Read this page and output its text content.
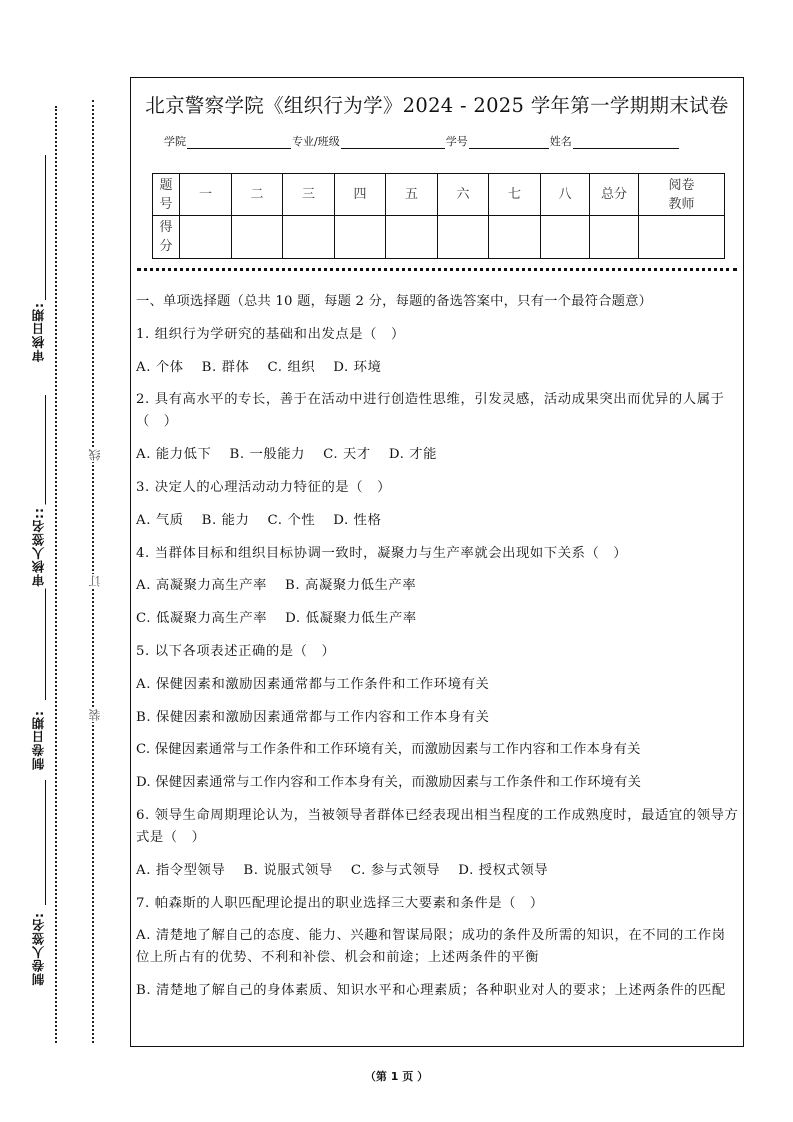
审核日期:
审核人签名::
制卷日期:
制卷人签名:
线
订
装
北京警察学院《组织行为学》2024 - 2025 学年第一学期期末试卷
学院	专业/班级	学号	姓名
题号	一	二	三	四	五	六	七	八	总分	阅卷教师
得分										

一、单项选择题（总共 10 题，每题 2 分，每题的备选答案中，只有一个最符合题意）

1. 组织行为学研究的基础和出发点是（　）

A. 个体 B. 群体 C. 组织 D. 环境

2. 具有高水平的专长，善于在活动中进行创造性思维，引发灵感，活动成果突出而优异的人属于（　）

A. 能力低下 B. 一般能力 C. 天才 D. 才能

3. 决定人的心理活动动力特征的是（　）

A. 气质 B. 能力 C. 个性 D. 性格

4. 当群体目标和组织目标协调一致时，凝聚力与生产率就会出现如下关系（　）

A. 高凝聚力高生产率 B. 高凝聚力低生产率

C. 低凝聚力高生产率 D. 低凝聚力低生产率

5. 以下各项表述正确的是（　）

A. 保健因素和激励因素通常都与工作条件和工作环境有关

B. 保健因素和激励因素通常都与工作内容和工作本身有关

C. 保健因素通常与工作条件和工作环境有关，而激励因素与工作内容和工作本身有关

D. 保健因素通常与工作内容和工作本身有关，而激励因素与工作条件和工作环境有关

6. 领导生命周期理论认为，当被领导者群体已经表现出相当程度的工作成熟度时，最适宜的领导方式是（　）

A. 指令型领导 B. 说服式领导 C. 参与式领导 D. 授权式领导

7. 帕森斯的人职匹配理论提出的职业选择三大要素和条件是（　）

A. 清楚地了解自己的态度、能力、兴趣和智谋局限；成功的条件及所需的知识，在不同的工作岗位上所占有的优势、不利和补偿、机会和前途；上述两条件的平衡

B. 清楚地了解自己的身体素质、知识水平和心理素质；各种职业对人的要求；上述两条件的匹配

（第 1 页 ）
